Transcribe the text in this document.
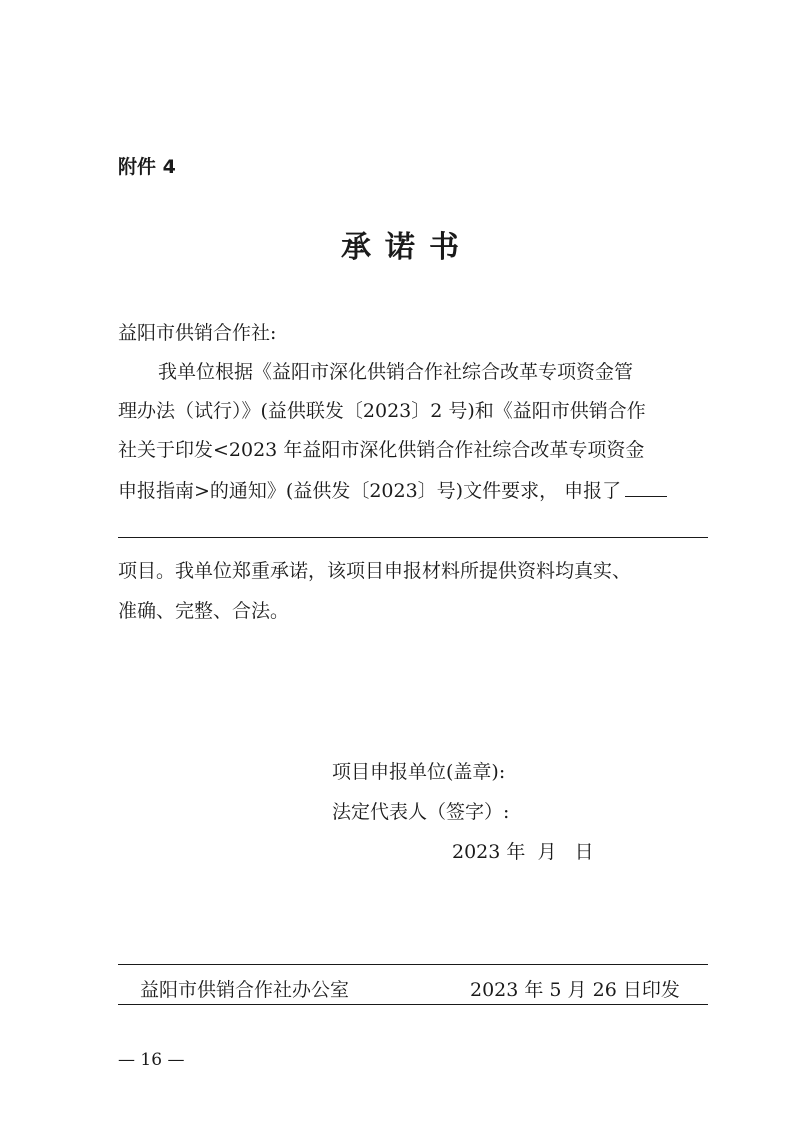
附件 4
承诺书
益阳市供销合作社:
我单位根据《益阳市深化供销合作社综合改革专项资金管
理办法（试行）》(益供联发〔2023〕2 号)和《益阳市供销合作
社关于印发<2023 年益阳市深化供销合作社综合改革专项资金
申报指南>的通知》(益供发〔2023〕号)文件要求， 申报了
项目。我单位郑重承诺，该项目申报材料所提供资料均真实、
准确、完整、合法。
项目申报单位(盖章):
法定代表人（签字）:
2023 年  月   日
益阳市供销合作社办公室	2023 年 5 月 26 日印发
— 16 —
